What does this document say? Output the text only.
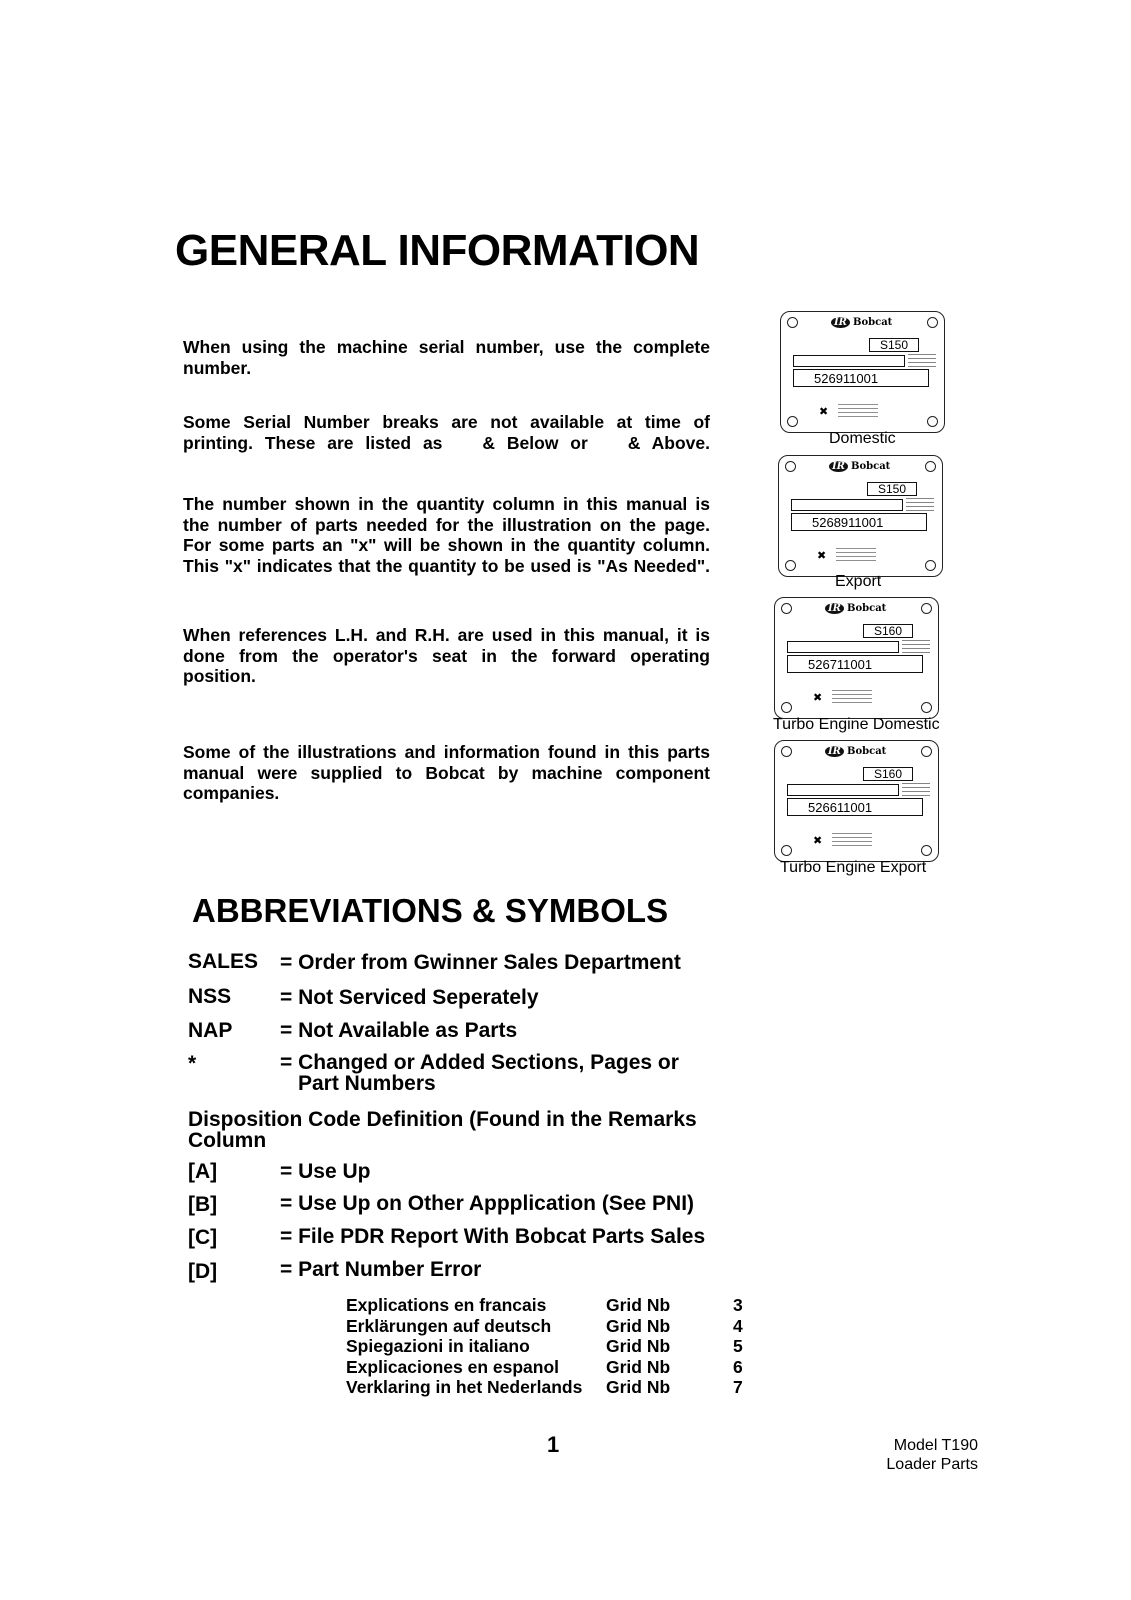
GENERAL INFORMATION
When using the machine serial number, use the complete
number.
Some Serial Number breaks are not available at time of
printing. These are listed as & Below or & Above.
The number shown in the quantity column in this manual is
the number of parts needed for the illustration on the page.
For some parts an "x" will be shown in the quantity column.
This "x" indicates that the quantity to be used is "As Needed".
When references L.H. and R.H. are used in this manual, it is
done from the operator's seat in the forward operating
position.
Some of the illustrations and information found in this parts
manual were supplied to Bobcat by machine component
companies.
IR Bobcat
S150
526911001
✖
Domestic
IR Bobcat
S150
5268911001
✖
Export
IR Bobcat
S160
526711001
✖
Turbo Engine Domestic
IR Bobcat
S160
526611001
✖
Turbo Engine Export
ABBREVIATIONS & SYMBOLS
SALES = Order from Gwinner Sales Department
NSS = Not Serviced Seperately
NAP = Not Available as Parts
*	= Changed or Added Sections, Pages or
Part Numbers
Disposition Code Definition (Found in the Remarks Column
[A]	= Use Up
[B]	= Use Up on Other Appplication (See PNI)
[C]	= File PDR Report With Bobcat Parts Sales
[D]	= Part Number Error
Explications en francais	Grid Nb	3
Erklärungen auf deutsch	Grid Nb	4
Spiegazioni in italiano	Grid Nb	5
Explicaciones en espanol	Grid Nb	6
Verklaring in het Nederlands Grid Nb	7
1	Model T190
Loader Parts
